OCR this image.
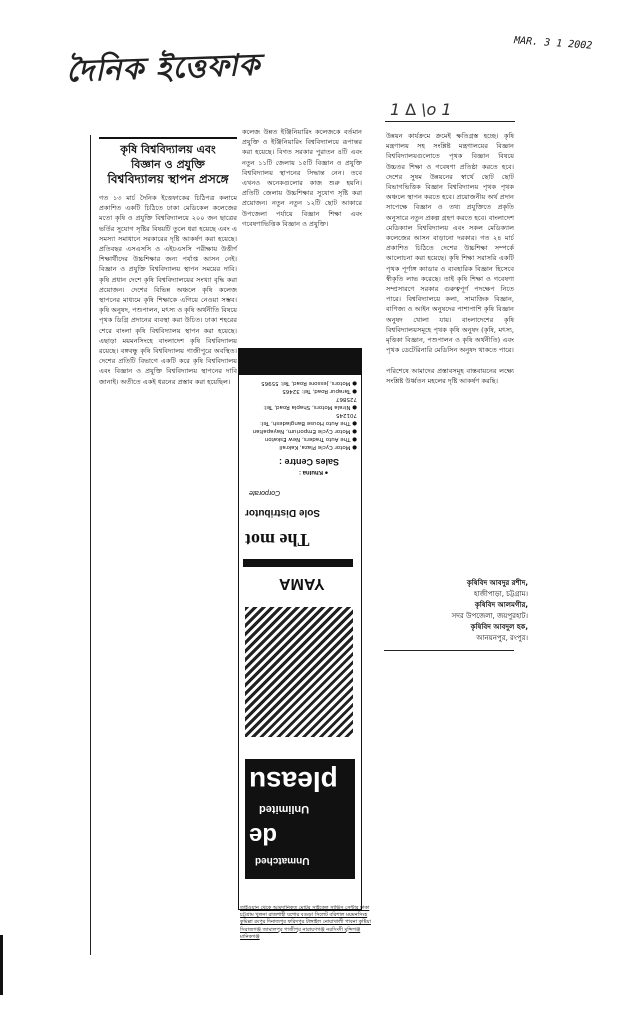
দৈনিক ইত্তেফাক
MAR. 3 1 2002
1 ∆ \o 1
কৃষি বিশ্ববিদ্যালয় এবং
বিজ্ঞান ও প্রযুক্তি
বিশ্ববিদ্যালয় স্থাপন প্রসঙ্গে
গত ১৩ মার্চ দৈনিক ইত্তেফাকের চিঠিপত্র কলামে প্রকাশিত একটি চিঠিতে ঢাকা মেডিকেল কলেজের মতো কৃষি ও প্রযুক্তি বিশ্ববিদ্যালয়ে ২০০ জন ছাত্রের ভর্তির সুযোগ সৃষ্টির বিষয়টি তুলে ধরা হয়েছে এবং এ সমস্যা সমাধানে সরকারের দৃষ্টি আকর্ষণ করা হয়েছে। প্রতিবছর এসএসসি ও এইচএসসি পরীক্ষায় উত্তীর্ণ শিক্ষার্থীদের উচ্চশিক্ষার জন্য পর্যাপ্ত আসন নেই। বিজ্ঞান ও প্রযুক্তি বিশ্ববিদ্যালয় স্থাপন সময়ের দাবি। কৃষি প্রধান দেশে কৃষি বিশ্ববিদ্যালয়ের সংখ্যা বৃদ্ধি করা প্রয়োজন। দেশের বিভিন্ন অঞ্চলে কৃষি কলেজ স্থাপনের মাধ্যমে কৃষি শিক্ষাকে এগিয়ে নেওয়া সম্ভব। কৃষি অনুষদ, পশুপালন, মৎস্য ও কৃষি অর্থনীতি বিষয়ে পৃথক ডিগ্রি প্রদানের ব্যবস্থা করা উচিত। ঢাকা শহরের শেরে বাংলা কৃষি বিশ্ববিদ্যালয় স্থাপন করা হয়েছে। এছাড়া ময়মনসিংহে বাংলাদেশ কৃষি বিশ্ববিদ্যালয় রয়েছে। বঙ্গবন্ধু কৃষি বিশ্ববিদ্যালয় গাজীপুরে অবস্থিত। দেশের প্রতিটি বিভাগে একটি করে কৃষি বিশ্ববিদ্যালয় এবং বিজ্ঞান ও প্রযুক্তি বিশ্ববিদ্যালয় স্থাপনের দাবি জানাই। অতীতে একই ধরনের প্রস্তাব করা হয়েছিল।
কলেজ উন্নত ইঞ্জিনিয়ারিং কলেজকে বর্তমান প্রযুক্তি ও ইঞ্জিনিয়ারিং বিশ্ববিদ্যালয়ে রূপান্তর করা হয়েছে। বিগত সরকার পুরাতন ৪টি এবং নতুন ১১টি জেলায় ১৫টি বিজ্ঞান ও প্রযুক্তি বিশ্ববিদ্যালয় স্থাপনের সিদ্ধান্ত নেন। তবে এখনও অনেকগুলোর কাজ শুরু হয়নি। প্রতিটি জেলায় উচ্চশিক্ষার সুযোগ সৃষ্টি করা প্রয়োজন। নতুন নতুন ১২টি ছোট আকারে উপজেলা পর্যায়ে বিজ্ঞান শিক্ষা এবং গবেষণাভিত্তিক বিজ্ঞান ও প্রযুক্তি।
● Motor Cycle Plaza, Kakrail
● The Auto Traders, New Eskaton
● Motor Cycle Emporium, Nayapaltan
● The Auto House Bangladesh, Tel: 701245
● Nirala Motors, Shapla Road, Tel: 725867
● Tarapur Road, Tel: 32465
● Motors, Jessore Road, Tel: 55965
Sales Centre :
● Khulna :
Corporate
Sole Distributor
The mot
YAMA
pleasu
Unlimited
de
Unmatched
উন্নয়ন কার্যক্রমে ক্রমেই ক্ষতিগ্রস্ত হচ্ছে। কৃষি মন্ত্রণালয় সহ সংশ্লিষ্ট মন্ত্রণালয়ের বিজ্ঞান বিশ্ববিদ্যালয়গুলোতে পৃথক বিজ্ঞান বিষয়ে উচ্চতর শিক্ষা ও গবেষণা প্রতিষ্ঠা করতে হবে। দেশের সুষম উন্নয়নের স্বার্থে ছোট ছোট বিভাগভিত্তিক বিজ্ঞান বিশ্ববিদ্যালয় পৃথক পৃথক অঞ্চলে স্থাপন করতে হবে। প্রয়োজনীয় অর্থ প্রদান সাপেক্ষে বিজ্ঞান ও তথ্য প্রযুক্তিতে প্রকৃতি অনুসারে নতুন প্রকল্প গ্রহণ করতে হবে। বাংলাদেশ মেডিক্যাল বিশ্ববিদ্যালয় এবং সকল মেডিক্যাল কলেজের আসন বাড়ানো দরকার। গত ২৪ মার্চ প্রকাশিত চিঠিতে দেশের উচ্চশিক্ষা সম্পর্কে আলোচনা করা হয়েছে। কৃষি শিক্ষা সরাসরি একটি পৃথক পূর্ণাঙ্গ ক্যাডার ও ব্যবহারিক বিজ্ঞান হিসেবে স্বীকৃতি লাভ করেছে। তাই কৃষি শিক্ষা ও গবেষণা সম্প্রসারণে সরকার গুরুত্বপূর্ণ পদক্ষেপ নিতে পারে। বিশ্ববিদ্যালয়ে কলা, সামাজিক বিজ্ঞান, বাণিজ্য ও আইন অনুষদের পাশাপাশি কৃষি বিজ্ঞান অনুষদ খোলা যায়। বাংলাদেশের কৃষি বিশ্ববিদ্যালয়সমূহে পৃথক কৃষি অনুষদ (কৃষি, মৎস্য, মৃত্তিকা বিজ্ঞান, পশুপালন ও কৃষি অর্থনীতি) এবং পৃথক ডেটেরিনারি মেডিসিন অনুষদ থাকতে পারে।

পরিশেষে আমাদের প্রস্তাবসমূহ বাস্তবায়নের লক্ষ্যে সংশ্লিষ্ট উর্ধ্বতন মহলের দৃষ্টি আকর্ষণ করছি।
কৃষিবিদ আবদুর রশীদ,
হাজীপাড়া, চট্টগ্রাম।
কৃষিবিদ আলমগীর,
সদর উপজেলা, জয়পুরহাট।
কৃষিবিদ আবদুল হক,
আনয়নপুর, রংপুর।
তাইওয়ান থেকে আমদানিকৃত মোটর সাইকেল সার্ভিস সেন্টার ঢাকা চট্টগ্রাম খুলনা রাজশাহী যশোর বগুড়া সিলেট বরিশাল ময়মনসিংহ কুমিল্লা রংপুর দিনাজপুর ফরিদপুর টাঙ্গাইল নোয়াখালী পাবনা কুষ্টিয়া সিরাজগঞ্জ জামালপুর গাজীপুর নারায়ণগঞ্জ নরসিংদী মুন্সিগঞ্জ মানিকগঞ্জ
